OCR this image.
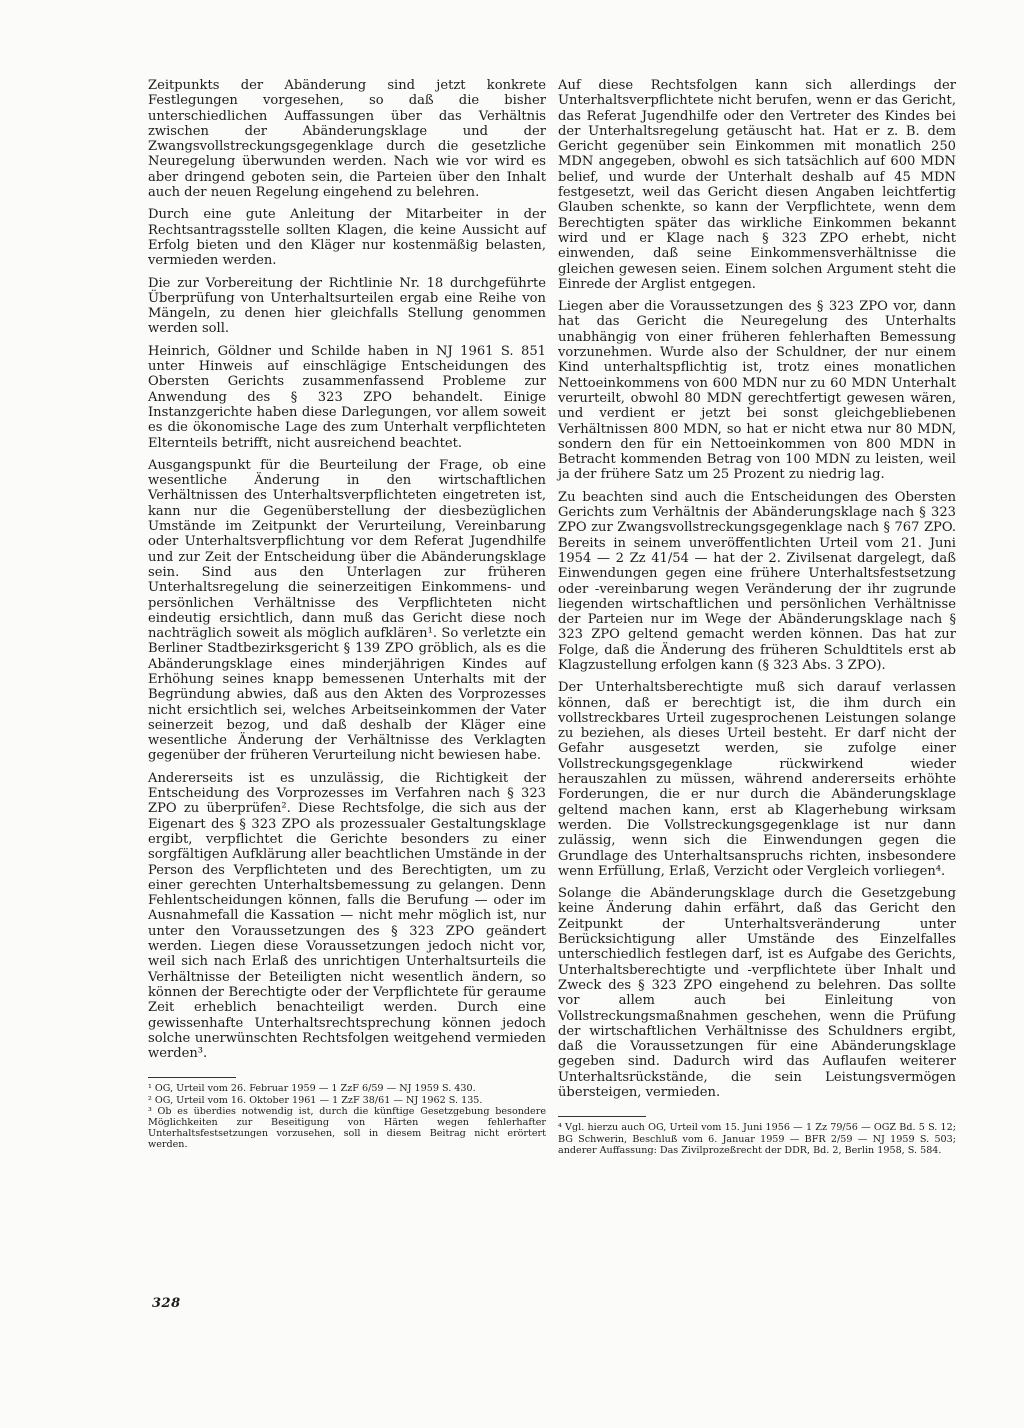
Zeitpunkts der Abänderung sind jetzt konkrete Festlegungen vorgesehen, so daß die bisher unterschiedlichen Auffassungen über das Verhältnis zwischen der Abänderungsklage und der Zwangsvollstreckungsgegenklage durch die gesetzliche Neuregelung überwunden werden. Nach wie vor wird es aber dringend geboten sein, die Parteien über den Inhalt auch der neuen Regelung eingehend zu belehren.

Durch eine gute Anleitung der Mitarbeiter in der Rechtsantragsstelle sollten Klagen, die keine Aussicht auf Erfolg bieten und den Kläger nur kostenmäßig belasten, vermieden werden.

Die zur Vorbereitung der Richtlinie Nr. 18 durchgeführte Überprüfung von Unterhaltsurteilen ergab eine Reihe von Mängeln, zu denen hier gleichfalls Stellung genommen werden soll.

Heinrich, Göldner und Schilde haben in NJ 1961 S. 851 unter Hinweis auf einschlägige Entscheidungen des Obersten Gerichts zusammenfassend Probleme zur Anwendung des § 323 ZPO behandelt. Einige Instanzgerichte haben diese Darlegungen, vor allem soweit es die ökonomische Lage des zum Unterhalt verpflichteten Elternteils betrifft, nicht ausreichend beachtet.

Ausgangspunkt für die Beurteilung der Frage, ob eine wesentliche Änderung in den wirtschaftlichen Verhältnissen des Unterhaltsverpflichteten eingetreten ist, kann nur die Gegenüberstellung der diesbezüglichen Umstände im Zeitpunkt der Verurteilung, Vereinbarung oder Unterhaltsverpflichtung vor dem Referat Jugendhilfe und zur Zeit der Entscheidung über die Abänderungsklage sein. Sind aus den Unterlagen zur früheren Unterhaltsregelung die seinerzeitigen Einkommens- und persönlichen Verhältnisse des Verpflichteten nicht eindeutig ersichtlich, dann muß das Gericht diese noch nachträglich soweit als möglich aufklären¹. So verletzte ein Berliner Stadtbezirksgericht § 139 ZPO gröblich, als es die Abänderungsklage eines minderjährigen Kindes auf Erhöhung seines knapp bemessenen Unterhalts mit der Begründung abwies, daß aus den Akten des Vorprozesses nicht ersichtlich sei, welches Arbeitseinkommen der Vater seinerzeit bezog, und daß deshalb der Kläger eine wesentliche Änderung der Verhältnisse des Verklagten gegenüber der früheren Verurteilung nicht bewiesen habe.

Andererseits ist es unzulässig, die Richtigkeit der Entscheidung des Vorprozesses im Verfahren nach § 323 ZPO zu überprüfen². Diese Rechtsfolge, die sich aus der Eigenart des § 323 ZPO als prozessualer Gestaltungsklage ergibt, verpflichtet die Gerichte besonders zu einer sorgfältigen Aufklärung aller beachtlichen Umstände in der Person des Verpflichteten und des Berechtigten, um zu einer gerechten Unterhaltsbemessung zu gelangen. Denn Fehlentscheidungen können, falls die Berufung — oder im Ausnahmefall die Kassation — nicht mehr möglich ist, nur unter den Voraussetzungen des § 323 ZPO geändert werden. Liegen diese Voraussetzungen jedoch nicht vor, weil sich nach Erlaß des unrichtigen Unterhaltsurteils die Verhältnisse der Beteiligten nicht wesentlich ändern, so können der Berechtigte oder der Verpflichtete für geraume Zeit erheblich benachteiligt werden. Durch eine gewissenhafte Unterhaltsrechtsprechung können jedoch solche unerwünschten Rechtsfolgen weitgehend vermieden werden³.

¹ OG, Urteil vom 26. Februar 1959 — 1 ZzF 6/59 — NJ 1959 S. 430.

² OG, Urteil vom 16. Oktober 1961 — 1 ZzF 38/61 — NJ 1962 S. 135.

³ Ob es überdies notwendig ist, durch die künftige Gesetzgebung besondere Möglichkeiten zur Beseitigung von Härten wegen fehlerhafter Unterhaltsfestsetzungen vorzusehen, soll in diesem Beitrag nicht erörtert werden.

Auf diese Rechtsfolgen kann sich allerdings der Unterhaltsverpflichtete nicht berufen, wenn er das Gericht, das Referat Jugendhilfe oder den Vertreter des Kindes bei der Unterhaltsregelung getäuscht hat. Hat er z. B. dem Gericht gegenüber sein Einkommen mit monatlich 250 MDN angegeben, obwohl es sich tatsächlich auf 600 MDN belief, und wurde der Unterhalt deshalb auf 45 MDN festgesetzt, weil das Gericht diesen Angaben leichtfertig Glauben schenkte, so kann der Verpflichtete, wenn dem Berechtigten später das wirkliche Einkommen bekannt wird und er Klage nach § 323 ZPO erhebt, nicht einwenden, daß seine Einkommensverhältnisse die gleichen gewesen seien. Einem solchen Argument steht die Einrede der Arglist entgegen.

Liegen aber die Voraussetzungen des § 323 ZPO vor, dann hat das Gericht die Neuregelung des Unterhalts unabhängig von einer früheren fehlerhaften Bemessung vorzunehmen. Wurde also der Schuldner, der nur einem Kind unterhaltspflichtig ist, trotz eines monatlichen Nettoeinkommens von 600 MDN nur zu 60 MDN Unterhalt verurteilt, obwohl 80 MDN gerechtfertigt gewesen wären, und verdient er jetzt bei sonst gleichgebliebenen Verhältnissen 800 MDN, so hat er nicht etwa nur 80 MDN, sondern den für ein Nettoeinkommen von 800 MDN in Betracht kommenden Betrag von 100 MDN zu leisten, weil ja der frühere Satz um 25 Prozent zu niedrig lag.

Zu beachten sind auch die Entscheidungen des Obersten Gerichts zum Verhältnis der Abänderungsklage nach § 323 ZPO zur Zwangsvollstreckungsgegenklage nach § 767 ZPO. Bereits in seinem unveröffentlichten Urteil vom 21. Juni 1954 — 2 Zz 41/54 — hat der 2. Zivilsenat dargelegt, daß Einwendungen gegen eine frühere Unterhaltsfestsetzung oder -vereinbarung wegen Veränderung der ihr zugrunde liegenden wirtschaftlichen und persönlichen Verhältnisse der Parteien nur im Wege der Abänderungsklage nach § 323 ZPO geltend gemacht werden können. Das hat zur Folge, daß die Änderung des früheren Schuldtitels erst ab Klagzustellung erfolgen kann (§ 323 Abs. 3 ZPO).

Der Unterhaltsberechtigte muß sich darauf verlassen können, daß er berechtigt ist, die ihm durch ein vollstreckbares Urteil zugesprochenen Leistungen solange zu beziehen, als dieses Urteil besteht. Er darf nicht der Gefahr ausgesetzt werden, sie zufolge einer Vollstreckungsgegenklage rückwirkend wieder herauszahlen zu müssen, während andererseits erhöhte Forderungen, die er nur durch die Abänderungsklage geltend machen kann, erst ab Klagerhebung wirksam werden. Die Vollstreckungsgegenklage ist nur dann zulässig, wenn sich die Einwendungen gegen die Grundlage des Unterhaltsanspruchs richten, insbesondere wenn Erfüllung, Erlaß, Verzicht oder Vergleich vorliegen⁴.

Solange die Abänderungsklage durch die Gesetzgebung keine Änderung dahin erfährt, daß das Gericht den Zeitpunkt der Unterhaltsveränderung unter Berücksichtigung aller Umstände des Einzelfalles unterschiedlich festlegen darf, ist es Aufgabe des Gerichts, Unterhaltsberechtigte und -verpflichtete über Inhalt und Zweck des § 323 ZPO eingehend zu belehren. Das sollte vor allem auch bei Einleitung von Vollstreckungsmaßnahmen geschehen, wenn die Prüfung der wirtschaftlichen Verhältnisse des Schuldners ergibt, daß die Voraussetzungen für eine Abänderungsklage gegeben sind. Dadurch wird das Auflaufen weiterer Unterhaltsrückstände, die sein Leistungsvermögen übersteigen, vermieden.

⁴ Vgl. hierzu auch OG, Urteil vom 15. Juni 1956 — 1 Zz 79/56 — OGZ Bd. 5 S. 12; BG Schwerin, Beschluß vom 6. Januar 1959 — BFR 2/59 — NJ 1959 S. 503; anderer Auffassung: Das Zivilprozeßrecht der DDR, Bd. 2, Berlin 1958, S. 584.

328
